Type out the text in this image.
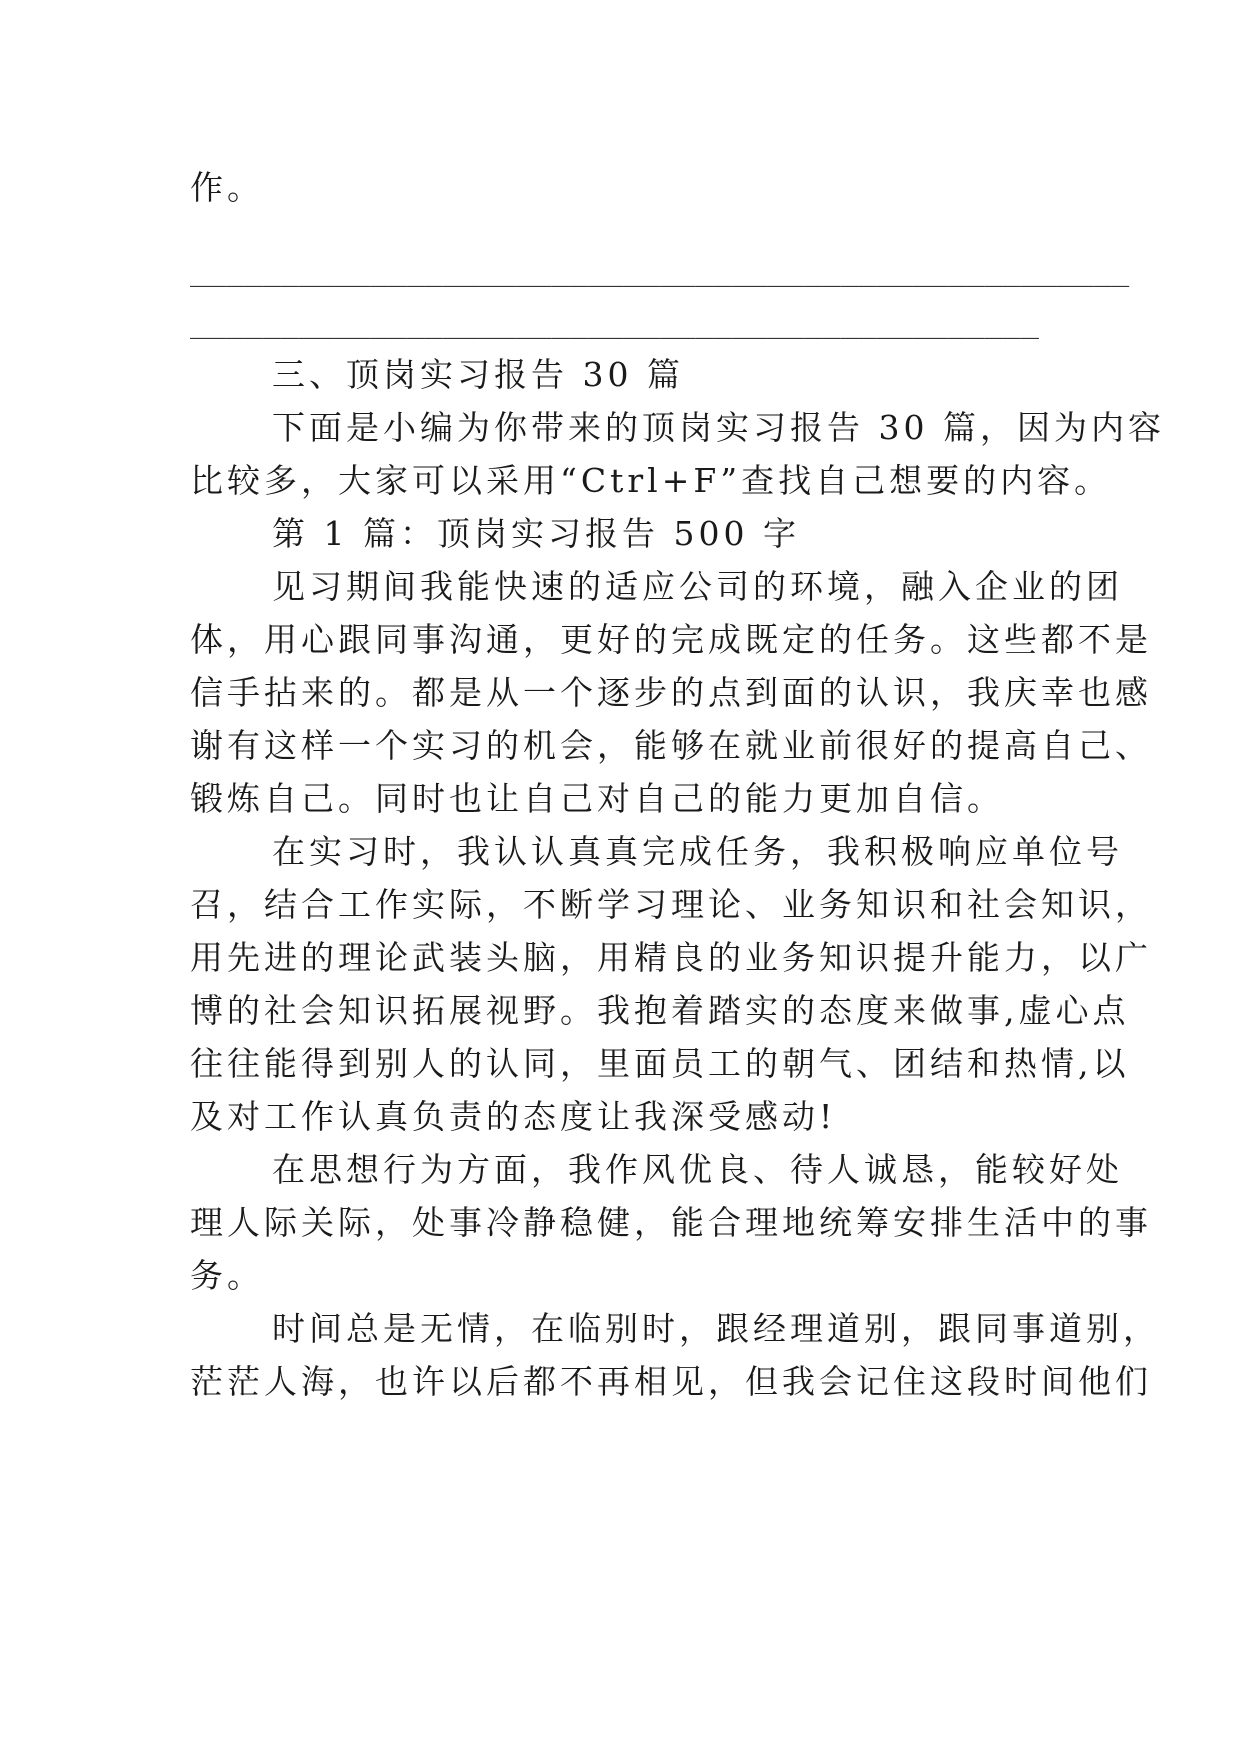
作。
____________________________________________________
_______________________________________________
三、顶岗实习报告 30 篇
下面是小编为你带来的顶岗实习报告 30 篇，因为内容
比较多，大家可以采用“Ctrl+F”查找自己想要的内容。
第 1 篇：顶岗实习报告 500 字
见习期间我能快速的适应公司的环境，融入企业的团
体，用心跟同事沟通，更好的完成既定的任务。这些都不是
信手拈来的。都是从一个逐步的点到面的认识，我庆幸也感
谢有这样一个实习的机会，能够在就业前很好的提高自己、
锻炼自己。同时也让自己对自己的能力更加自信。
在实习时，我认认真真完成任务，我积极响应单位号
召，结合工作实际，不断学习理论、业务知识和社会知识，
用先进的理论武装头脑，用精良的业务知识提升能力，以广
博的社会知识拓展视野。我抱着踏实的态度来做事,虚心点
往往能得到别人的认同，里面员工的朝气、团结和热情,以
及对工作认真负责的态度让我深受感动!
在思想行为方面，我作风优良、待人诚恳，能较好处
理人际关际，处事冷静稳健，能合理地统筹安排生活中的事
务。
时间总是无情，在临别时，跟经理道别，跟同事道别，
茫茫人海，也许以后都不再相见，但我会记住这段时间他们
